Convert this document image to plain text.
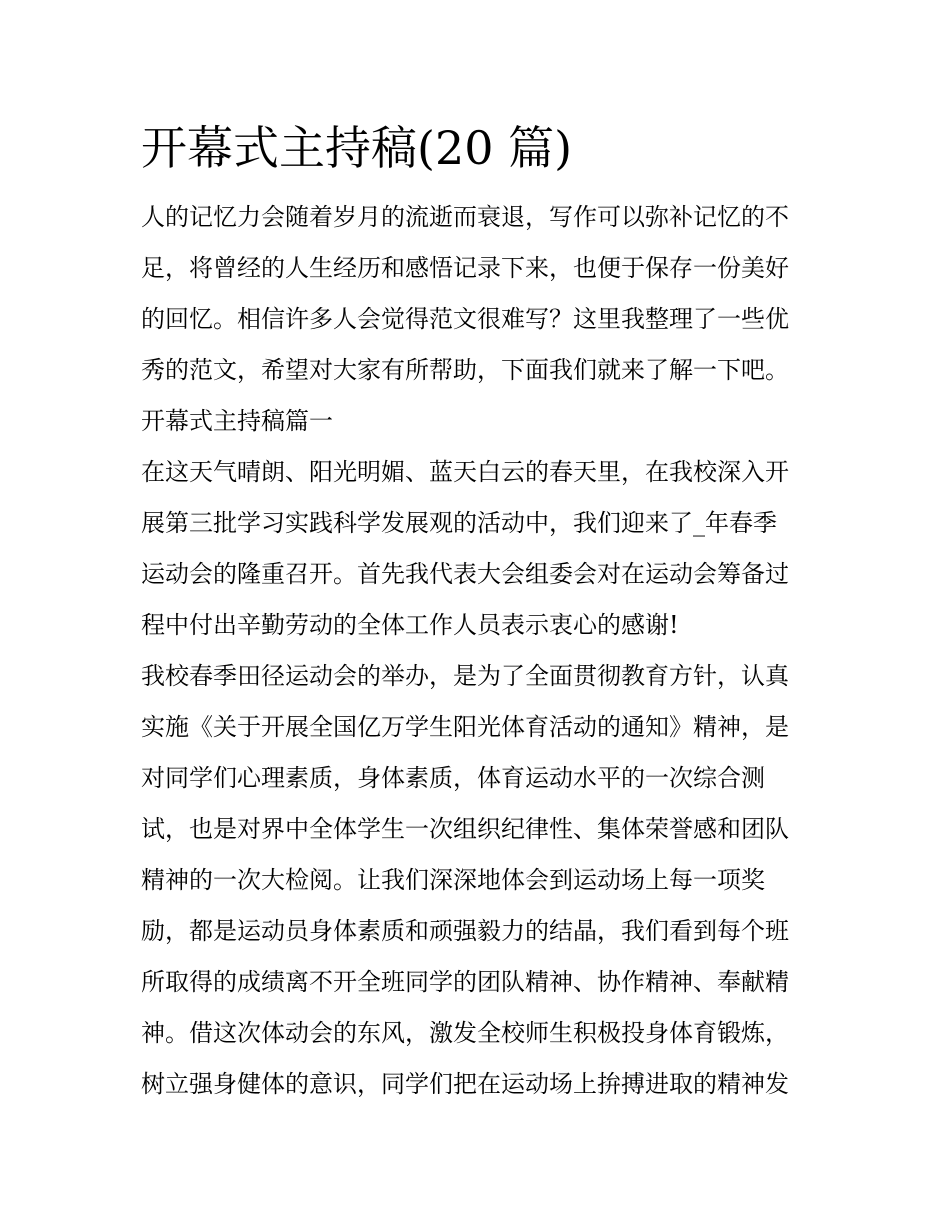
开幕式主持稿(20 篇)
人的记忆力会随着岁月的流逝而衰退，写作可以弥补记忆的不
足，将曾经的人生经历和感悟记录下来，也便于保存一份美好
的回忆。相信许多人会觉得范文很难写？这里我整理了一些优
秀的范文，希望对大家有所帮助，下面我们就来了解一下吧。
开幕式主持稿篇一
在这天气晴朗、阳光明媚、蓝天白云的春天里，在我校深入开
展第三批学习实践科学发展观的活动中，我们迎来了_年春季
运动会的隆重召开。首先我代表大会组委会对在运动会筹备过
程中付出辛勤劳动的全体工作人员表示衷心的感谢!
我校春季田径运动会的举办，是为了全面贯彻教育方针，认真
实施《关于开展全国亿万学生阳光体育活动的通知》精神，是
对同学们心理素质，身体素质，体育运动水平的一次综合测
试，也是对界中全体学生一次组织纪律性、集体荣誉感和团队
精神的一次大检阅。让我们深深地体会到运动场上每一项奖
励，都是运动员身体素质和顽强毅力的结晶，我们看到每个班
所取得的成绩离不开全班同学的团队精神、协作精神、奉献精
神。借这次体动会的东风，激发全校师生积极投身体育锻炼，
树立强身健体的意识，同学们把在运动场上拚搏进取的精神发
